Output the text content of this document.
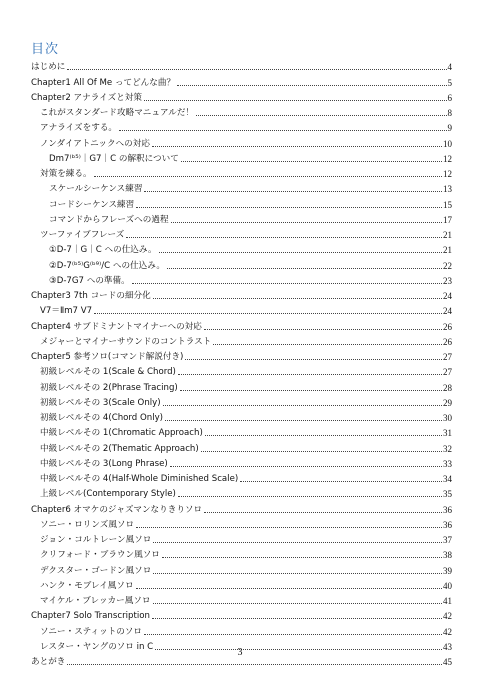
目次
はじめに	4
Chapter1 All Of Me ってどんな曲？	5
Chapter2 アナライズと対策	6
これがスタンダード攻略マニュアルだ！	8
アナライズをする。	9
ノンダイアトニックへの対応	10
Dm7⁽ᵇ⁵⁾｜G7｜C の解釈について	12
対策を練る。	12
スケールシーケンス練習	13
コードシーケンス練習	15
コマンドからフレーズへの過程	17
ツーファイブフレーズ	21
①D-7｜G｜C への仕込み。	21
②D-7⁽ᵇ⁵⁾G⁽ᵇ⁹⁾/C への仕込み。	22
③D-7G7 への準備。	23
Chapter3 7th コードの細分化	24
V7＝Ⅱm7 V7	24
Chapter4 サブドミナントマイナーへの対応	26
メジャーとマイナーサウンドのコントラスト	26
Chapter5 参考ソロ(コマンド解説付き)	27
初級レベルその 1(Scale & Chord)	27
初級レベルその 2(Phrase Tracing)	28
初級レベルその 3(Scale Only)	29
初級レベルその 4(Chord Only)	30
中級レベルその 1(Chromatic Approach)	31
中級レベルその 2(Thematic Approach)	32
中級レベルその 3(Long Phrase)	33
中級レベルその 4(Half-Whole Diminished Scale)	34
上級レベル(Contemporary Style)	35
Chapter6 オマケのジャズマンなりきりソロ	36
ソニー・ロリンズ風ソロ	36
ジョン・コルトレーン風ソロ	37
クリフォード・ブラウン風ソロ	38
デクスター・ゴードン風ソロ	39
ハンク・モブレイ風ソロ	40
マイケル・ブレッカー風ソロ	41
Chapter7 Solo Transcription	42
ソニー・スティットのソロ	42
レスター・ヤングのソロ in C	43
あとがき	45
3
